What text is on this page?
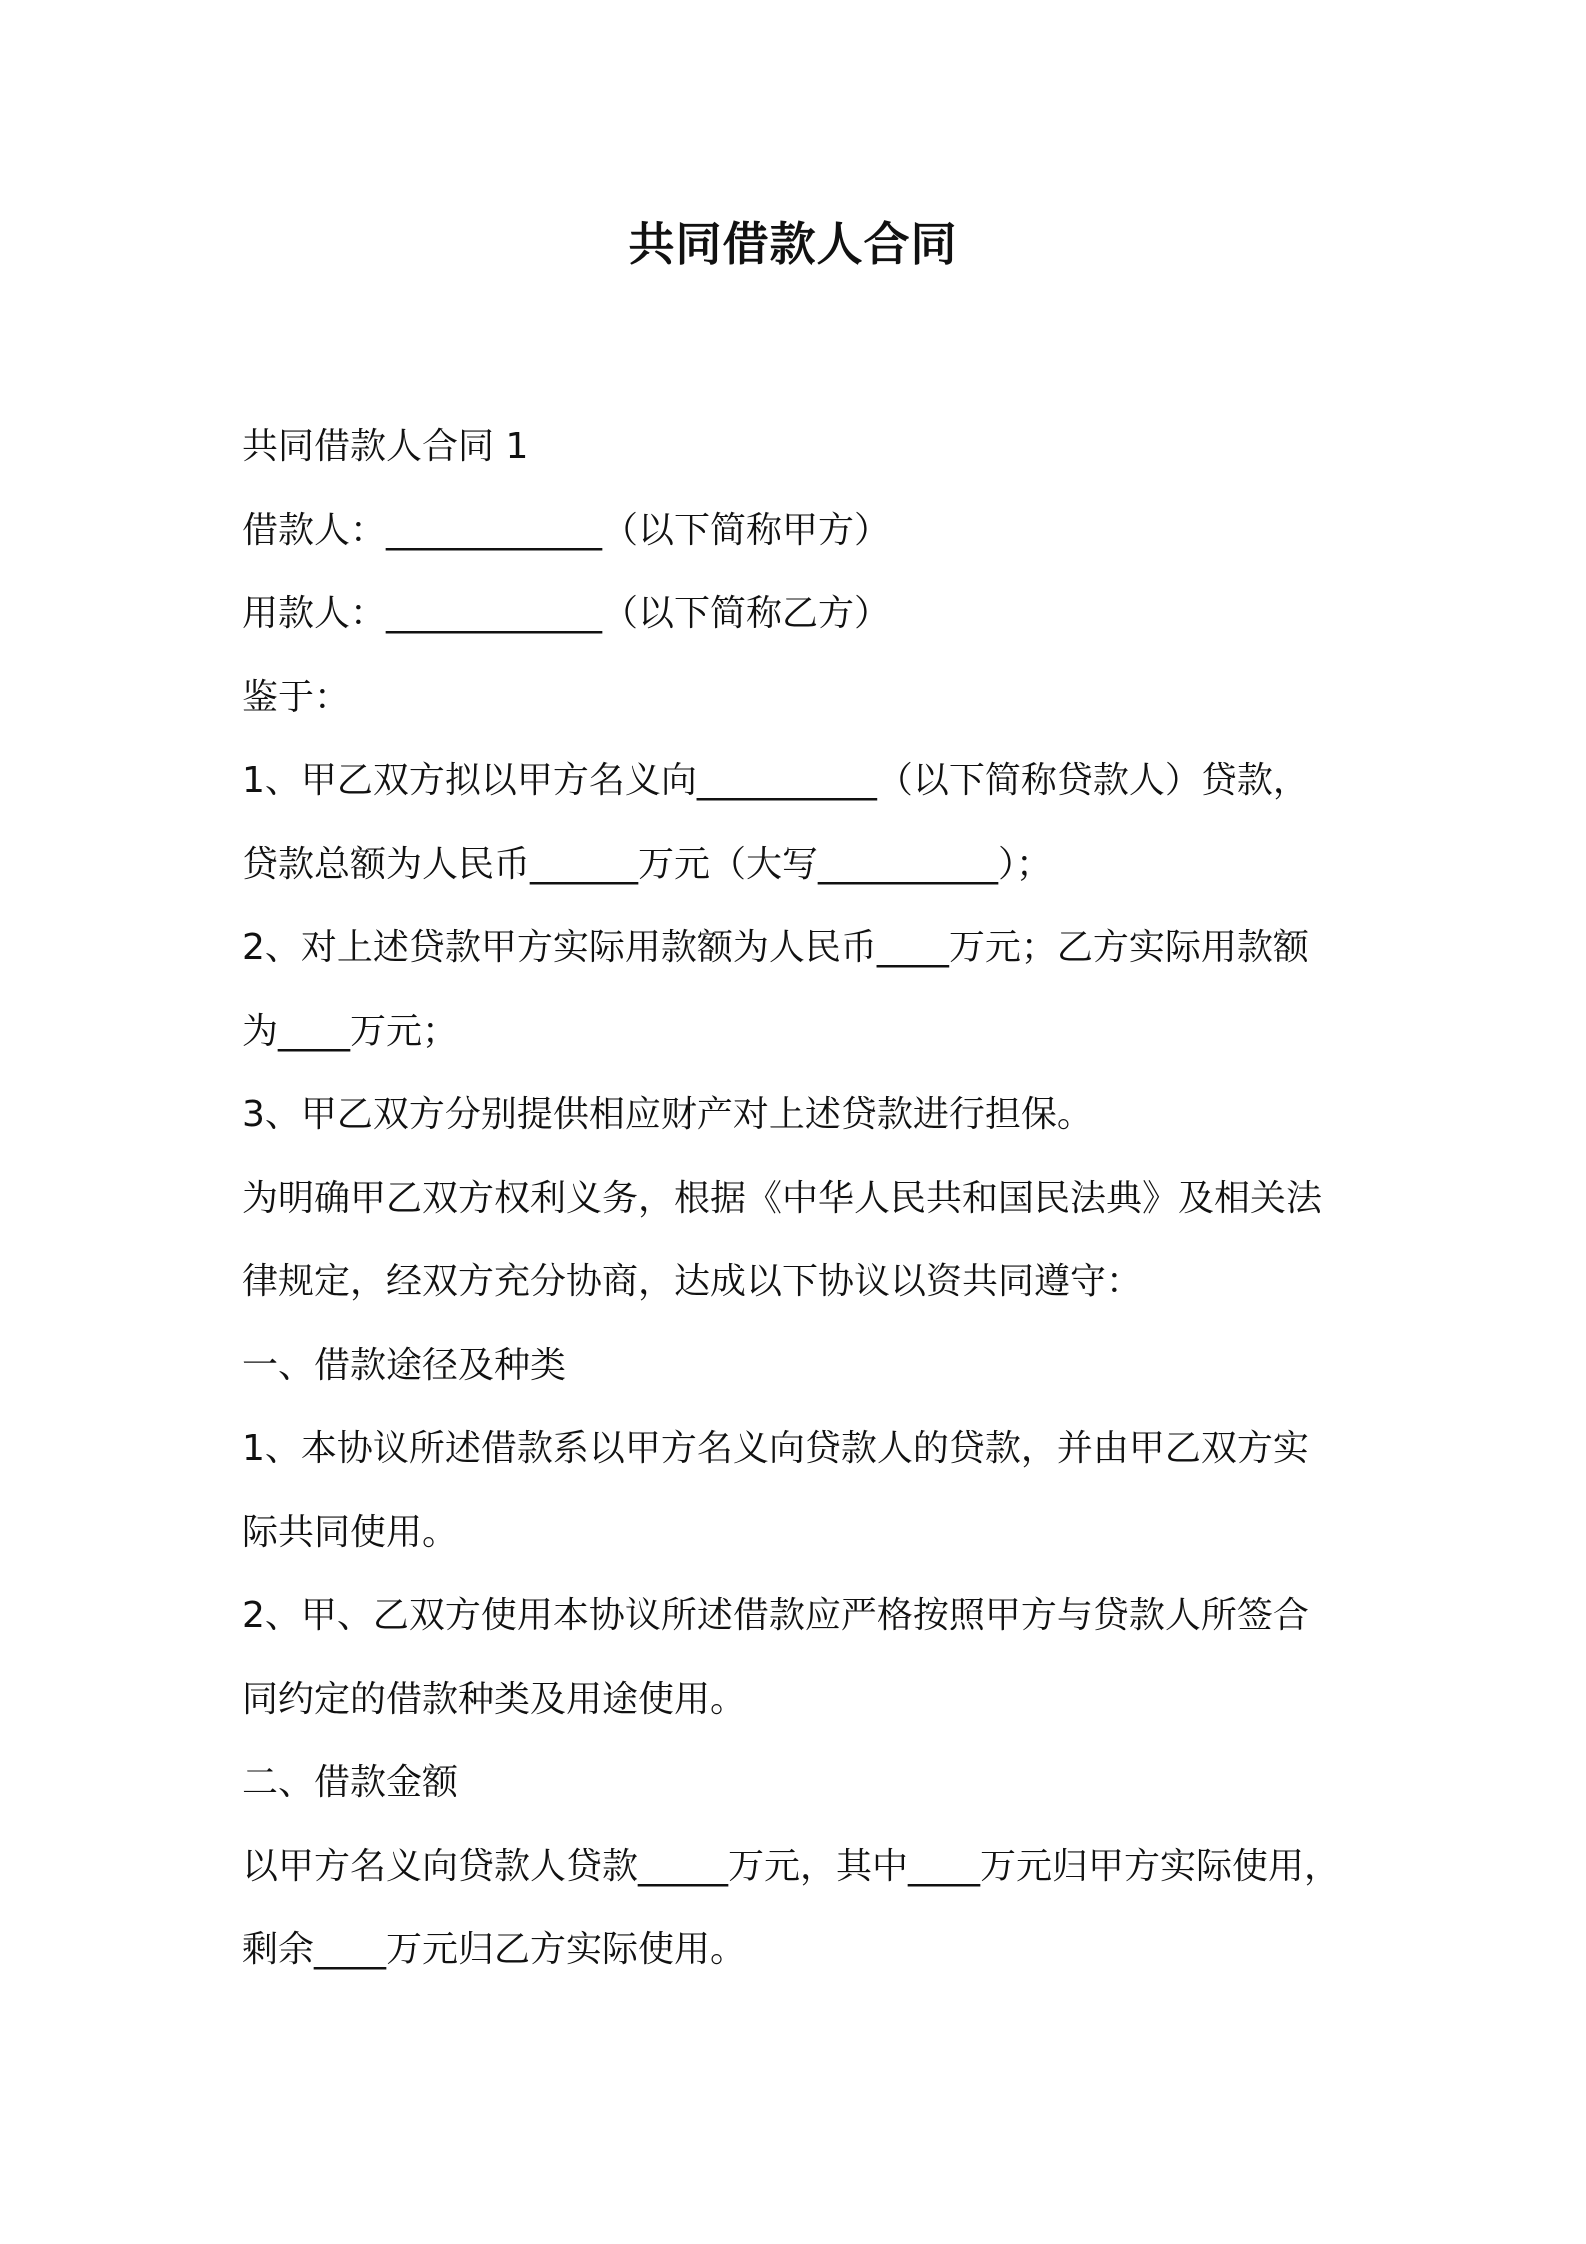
共同借款人合同

共同借款人合同 1

借款人：____________（以下简称甲方）

用款人：____________（以下简称乙方）

鉴于：

1、甲乙双方拟以甲方名义向__________（以下简称贷款人）贷款，

贷款总额为人民币______万元（大写__________）；

2、对上述贷款甲方实际用款额为人民币____万元；乙方实际用款额

为____万元；

3、甲乙双方分别提供相应财产对上述贷款进行担保。

为明确甲乙双方权利义务，根据《中华人民共和国民法典》及相关法

律规定，经双方充分协商，达成以下协议以资共同遵守：

一、借款途径及种类

1、本协议所述借款系以甲方名义向贷款人的贷款，并由甲乙双方实

际共同使用。

2、甲、乙双方使用本协议所述借款应严格按照甲方与贷款人所签合

同约定的借款种类及用途使用。

二、借款金额

以甲方名义向贷款人贷款_____万元，其中____万元归甲方实际使用，

剩余____万元归乙方实际使用。
